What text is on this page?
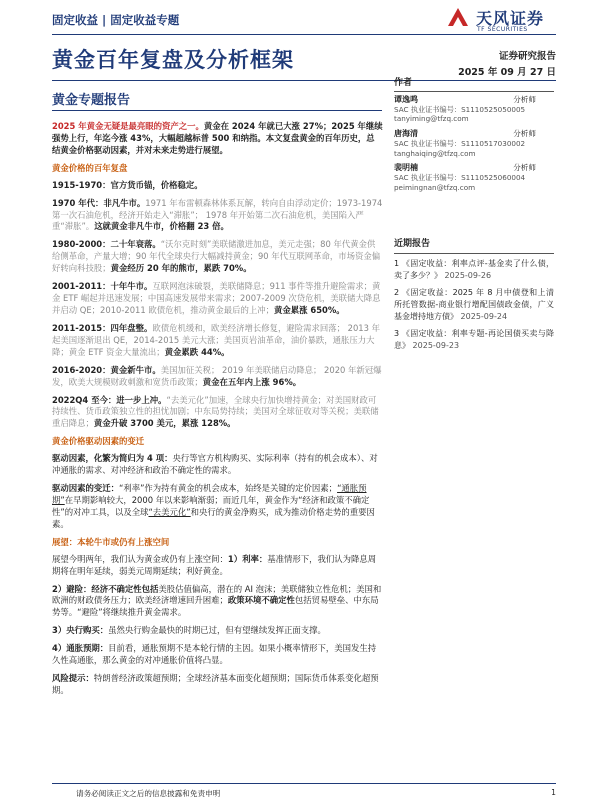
固定收益 | 固定收益专题	天风证券
TF SECURITIES
黄金百年复盘及分析框架	证券研究报告
2025 年 09 月 27 日
黄金专题报告

2025 年黄金无疑是最亮眼的资产之一。黄金在 2024 年就已大涨 27%；2025 年继续强势上行，年迄今涨 43%，大幅超越标普 500 和纳指。本文复盘黄金的百年历史，总结黄金价格驱动因素，并对未来走势进行展望。

黄金价格的百年复盘

1915-1970：官方货币锚，价格稳定。

1970 年代：非凡牛市。1971 年布雷顿森林体系瓦解，转向自由浮动定价；1973-1974 第一次石油危机，经济开始走入“滞胀”； 1978 年开始第二次石油危机，美国陷入严重“滞胀”。这就黄金非凡牛市，价格翻 23 倍。

1980-2000：二十年衰落。“沃尔克时刻”美联储激进加息，美元走强；80 年代黄金供给侧革命，产量大增；90 年代全球央行大幅减持黄金；90 年代互联网革命，市场资金偏好转向科技股；黄金经历 20 年的熊市，累跌 70%。

2001-2011：十年牛市。互联网泡沫破裂，美联储降息；911 事件等推升避险需求；黄金 ETF 崛起并迅速发展；中国高速发展带来需求；2007-2009 次贷危机，美联储大降息并启动 QE；2010-2011 欧债危机，推动黄金最后的上冲；黄金累涨 650%。

2011-2015：四年盘整。欧债危机缓和，欧美经济增长修复，避险需求回落； 2013 年起美国逐渐退出 QE，2014-2015 美元大涨；美国页岩油革命，油价暴跌，通胀压力大降；黄金 ETF 资金大量流出；黄金累跌 44%。

2016-2020：黄金新牛市。美国加征关税； 2019 年美联储启动降息； 2020 年新冠爆发，欧美大规模财政刺激和宽货币政策；黄金在五年内上涨 96%。

2022Q4 至今：进一步上冲。“去美元化”加速，全球央行加快增持黄金；对美国财政可持续性、货币政策独立性的担忧加剧；中东局势持续；美国对全球征收对等关税；美联储重启降息；黄金升破 3700 美元，累涨 128%。

黄金价格驱动因素的变迁

驱动因素，化繁为简归为 4 项：央行等官方机构购买、实际利率（持有的机会成本）、对冲通胀的需求、对冲经济和政治不确定性的需求。

驱动因素的变迁：“利率”作为持有黄金的机会成本，始终是关键的定价因素；“通胀预期”在早期影响较大，2000 年以来影响渐弱；而近几年，黄金作为“经济和政策不确定性”的对冲工具，以及全球“去美元化”和央行的黄金净购买，成为推动价格走势的重要因素。

展望：本轮牛市或仍有上涨空间

展望今明两年，我们认为黄金或仍有上涨空间：1）利率：基准情形下，我们认为降息周期将在明年延续，弱美元周期延续；利好黄金。

2）避险：经济不确定性包括美股估值偏高，潜在的 AI 泡沫；美联储独立性危机；美国和欧洲的财政债务压力；欧美经济增速回升困难；政策环境不确定性包括贸易壁垒、中东局势等。“避险”将继续推升黄金需求。

3）央行购买：虽然央行购金最快的时期已过，但有望继续发挥正面支撑。

4）通胀预期：目前看，通胀预期不是本轮行情的主因。如果小概率情形下，美国发生持久性高通胀，那么黄金的对冲通胀价值将凸显。

风险提示：特朗普经济政策超预期；全球经济基本面变化超预期；国际货币体系变化超预期。

作者
谭逸鸣	分析师
SAC 执业证书编号：S1110525050005
tanyiming@tfzq.com
唐海清	分析师
SAC 执业证书编号：S1110517030002
tanghaiqing@tfzq.com
裴明楠	分析师
SAC 执业证书编号：S1110525060004
peimingnan@tfzq.com
近期报告
1 《固定收益：利率点评-基金卖了什么债，卖了多少？》 2025-09-26
2 《固定收益：2025 年 8 月中债登和上清所托管数据-商业银行增配国债政金债，广义基金增持地方债》 2025-09-24
3 《固定收益：利率专题-再论国债买卖与降息》 2025-09-23
请务必阅读正文之后的信息披露和免责申明	1
